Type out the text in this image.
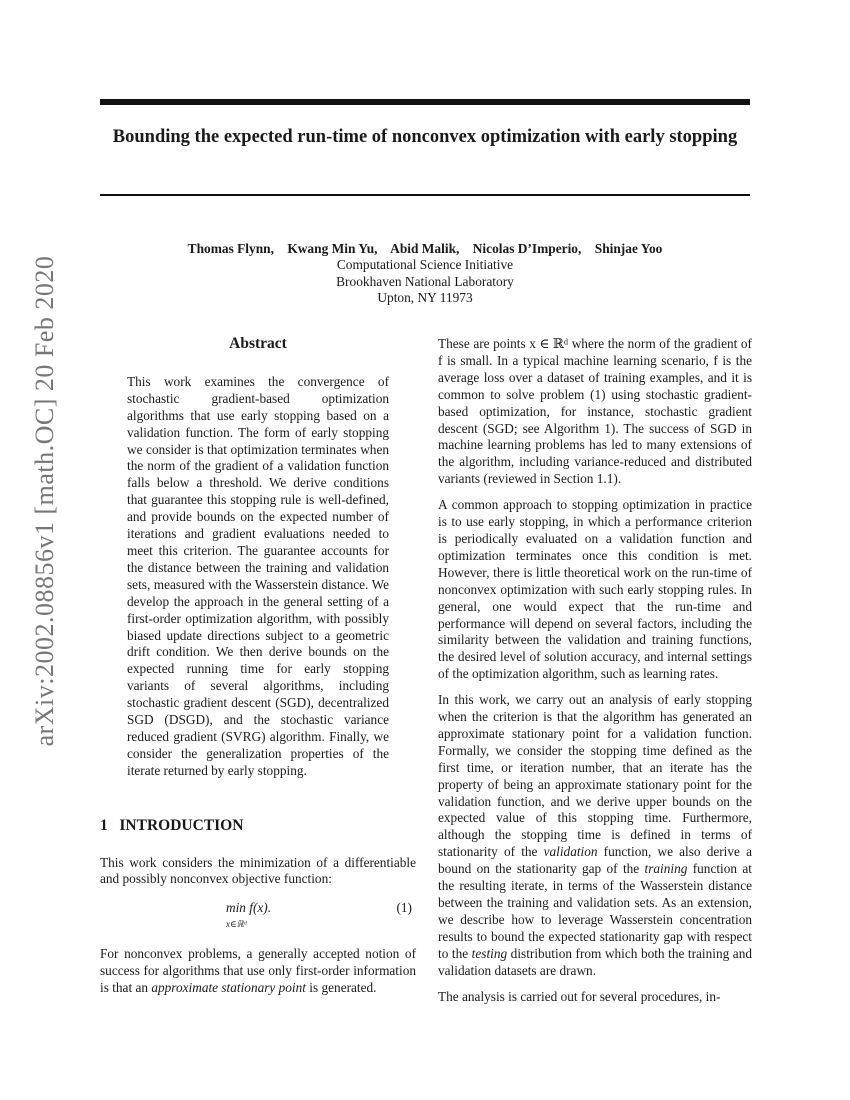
Bounding the expected run-time of nonconvex optimization with early stopping
Thomas Flynn,    Kwang Min Yu,    Abid Malik,    Nicolas D’Imperio,    Shinjae Yoo
Computational Science Initiative
Brookhaven National Laboratory
Upton, NY 11973
arXiv:2002.08856v1 [math.OC] 20 Feb 2020	Abstract

This work examines the convergence of stochastic gradient-based optimization algorithms that use early stopping based on a validation function. The form of early stopping we consider is that optimization terminates when the norm of the gradient of a validation function falls below a threshold. We derive conditions that guarantee this stopping rule is well-defined, and provide bounds on the expected number of iterations and gradient evaluations needed to meet this criterion. The guarantee accounts for the distance between the training and validation sets, measured with the Wasserstein distance. We develop the approach in the general setting of a first-order optimization algorithm, with possibly biased update directions subject to a geometric drift condition. We then derive bounds on the expected running time for early stopping variants of several algorithms, including stochastic gradient descent (SGD), decentralized SGD (DSGD), and the stochastic variance reduced gradient (SVRG) algorithm. Finally, we consider the generalization properties of the iterate returned by early stopping.

1   INTRODUCTION

This work considers the minimization of a differentiable and possibly nonconvex objective function:

min f(x).
x∈ℝᵈ
(1)

For nonconvex problems, a generally accepted notion of success for algorithms that use only first-order information is that an approximate stationary point is generated.

These are points x ∈ ℝᵈ where the norm of the gradient of f is small. In a typical machine learning scenario, f is the average loss over a dataset of training examples, and it is common to solve problem (1) using stochastic gradient-based optimization, for instance, stochastic gradient descent (SGD; see Algorithm 1). The success of SGD in machine learning problems has led to many extensions of the algorithm, including variance-reduced and distributed variants (reviewed in Section 1.1).

A common approach to stopping optimization in practice is to use early stopping, in which a performance criterion is periodically evaluated on a validation function and optimization terminates once this condition is met. However, there is little theoretical work on the run-time of nonconvex optimization with such early stopping rules. In general, one would expect that the run-time and performance will depend on several factors, including the similarity between the validation and training functions, the desired level of solution accuracy, and internal settings of the optimization algorithm, such as learning rates.

In this work, we carry out an analysis of early stopping when the criterion is that the algorithm has generated an approximate stationary point for a validation function. Formally, we consider the stopping time defined as the first time, or iteration number, that an iterate has the property of being an approximate stationary point for the validation function, and we derive upper bounds on the expected value of this stopping time. Furthermore, although the stopping time is defined in terms of stationarity of the validation function, we also derive a bound on the stationarity gap of the training function at the resulting iterate, in terms of the Wasserstein distance between the training and validation sets. As an extension, we describe how to leverage Wasserstein concentration results to bound the expected stationarity gap with respect to the testing distribution from which both the training and validation datasets are drawn.

The analysis is carried out for several procedures, in-
